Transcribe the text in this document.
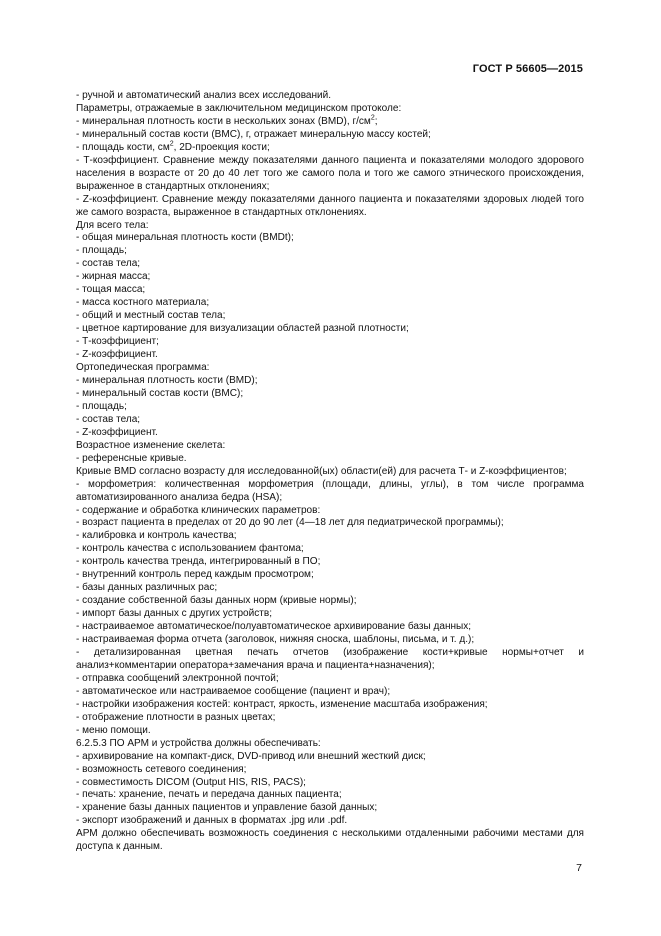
ГОСТ Р 56605—2015
- ручной и автоматический анализ всех исследований.
Параметры, отражаемые в заключительном медицинском протоколе:
- минеральная плотность кости в нескольких зонах (BMD), $г/см^2$;
- минеральный состав кости (BMC), г, отражает минеральную массу костей;
- площадь кости, $см^2$, 2D-проекция кости;
- Т-коэффициент. Сравнение между показателями данного пациента и показателями молодого здорового населения в возрасте от 20 до 40 лет того же самого пола и того же самого этнического происхождения, выраженное в стандартных отклонениях;
- Z-коэффициент. Сравнение между показателями данного пациента и показателями здоровых людей того же самого возраста, выраженное в стандартных отклонениях.
Для всего тела:
- общая минеральная плотность кости (BMDt);
- площадь;
- состав тела;
- жирная масса;
- тощая масса;
- масса костного материала;
- общий и местный состав тела;
- цветное картирование для визуализации областей разной плотности;
- Т-коэффициент;
- Z-коэффициент.
Ортопедическая программа:
- минеральная плотность кости (BMD);
- минеральный состав кости (BMC);
- площадь;
- состав тела;
- Z-коэффициент.
Возрастное изменение скелета:
- референсные кривые.
Кривые BMD согласно возрасту для исследованной(ых) области(ей) для расчета Т- и Z-коэффициентов;
- морфометрия: количественная морфометрия (площади, длины, углы), в том числе программа автоматизированного анализа бедра (HSA);
- содержание и обработка клинических параметров:
- возраст пациента в пределах от 20 до 90 лет (4—18 лет для педиатрической программы);
- калибровка и контроль качества;
- контроль качества с использованием фантома;
- контроль качества тренда, интегрированный в ПО;
- внутренний контроль перед каждым просмотром;
- базы данных различных рас;
- создание собственной базы данных норм (кривые нормы);
- импорт базы данных с других устройств;
- настраиваемое автоматическое/полуавтоматическое архивирование базы данных;
- настраиваемая форма отчета (заголовок, нижняя сноска, шаблоны, письма, и т. д.);
- детализированная цветная печать отчетов (изображение кости+кривые нормы+отчет и анализ+комментарии оператора+замечания врача и пациента+назначения);
- отправка сообщений электронной почтой;
- автоматическое или настраиваемое сообщение (пациент и врач);
- настройки изображения костей: контраст, яркость, изменение масштаба изображения;
- отображение плотности в разных цветах;
- меню помощи.
6.2.5.3 ПО АРМ и устройства должны обеспечивать:
- архивирование на компакт-диск, DVD-привод или внешний жесткий диск;
- возможность сетевого соединения;
- совместимость DICOM (Output HIS, RIS, PACS);
- печать: хранение, печать и передача данных пациента;
- хранение базы данных пациентов и управление базой данных;
- экспорт изображений и данных в форматах .jpg или .pdf.
АРМ должно обеспечивать возможность соединения с несколькими отдаленными рабочими местами для доступа к данным.
7
